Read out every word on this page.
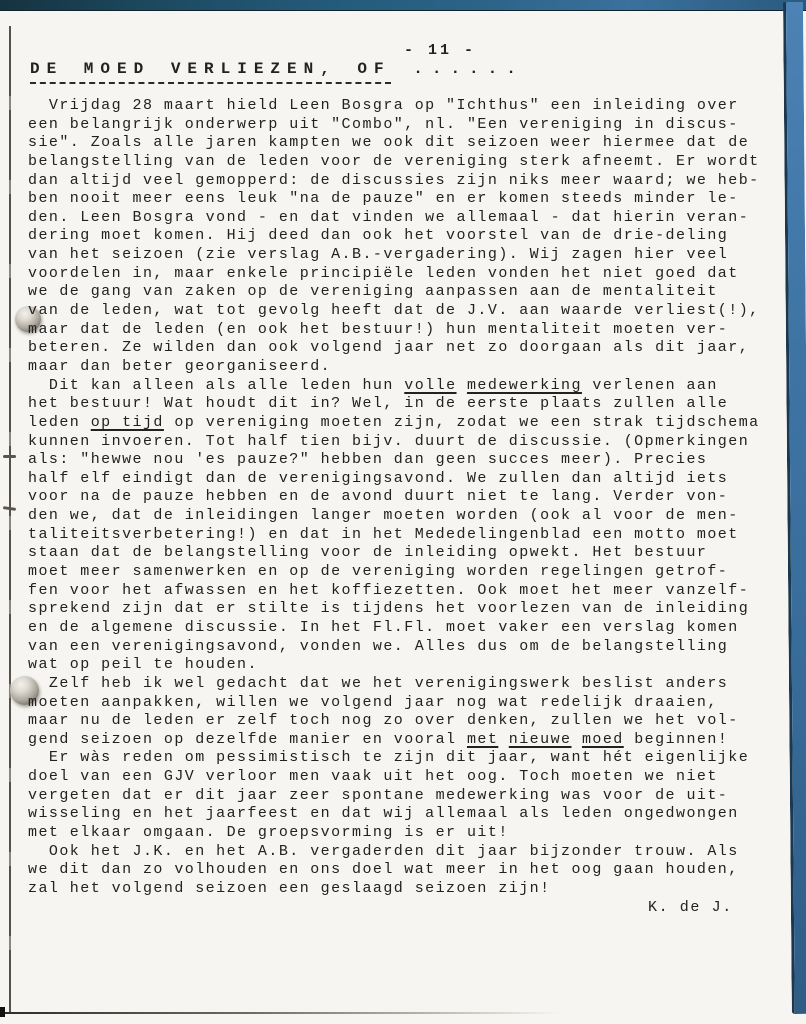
- 11 -
DE MOED VERLIEZEN, OF ......
Vrijdag 28 maart hield Leen Bosgra op "Ichthus" een inleiding over
een belangrijk onderwerp uit "Combo", nl. "Een vereniging in discus-
sie". Zoals alle jaren kampten we ook dit seizoen weer hiermee dat de
belangstelling van de leden voor de vereniging sterk afneemt. Er wordt
dan altijd veel gemopperd: de discussies zijn niks meer waard; we heb-
ben nooit meer eens leuk "na de pauze" en er komen steeds minder le-
den. Leen Bosgra vond - en dat vinden we allemaal - dat hierin veran-
dering moet komen. Hij deed dan ook het voorstel van de drie-deling
van het seizoen (zie verslag A.B.-vergadering). Wij zagen hier veel
voordelen in, maar enkele principiële leden vonden het niet goed dat
we de gang van zaken op de vereniging aanpassen aan de mentaliteit
van de leden, wat tot gevolg heeft dat de J.V. aan waarde verliest(!),
maar dat de leden (en ook het bestuur!) hun mentaliteit moeten ver-
beteren. Ze wilden dan ook volgend jaar net zo doorgaan als dit jaar,
maar dan beter georganiseerd.
Dit kan alleen als alle leden hun volle medewerking verlenen aan
het bestuur! Wat houdt dit in? Wel, in de eerste plaats zullen alle
leden op tijd op vereniging moeten zijn, zodat we een strak tijdschema
kunnen invoeren. Tot half tien bijv. duurt de discussie. (Opmerkingen
als: "hewwe nou 'es pauze?" hebben dan geen succes meer). Precies
half elf eindigt dan de verenigingsavond. We zullen dan altijd iets
voor na de pauze hebben en de avond duurt niet te lang. Verder von-
den we, dat de inleidingen langer moeten worden (ook al voor de men-
taliteitsverbetering!) en dat in het Mededelingenblad een motto moet
staan dat de belangstelling voor de inleiding opwekt. Het bestuur
moet meer samenwerken en op de vereniging worden regelingen getrof-
fen voor het afwassen en het koffiezetten. Ook moet het meer vanzelf-
sprekend zijn dat er stilte is tijdens het voorlezen van de inleiding
en de algemene discussie. In het Fl.Fl. moet vaker een verslag komen
van een verenigingsavond, vonden we. Alles dus om de belangstelling
wat op peil te houden.
Zelf heb ik wel gedacht dat we het verenigingswerk beslist anders
moeten aanpakken, willen we volgend jaar nog wat redelijk draaien,
maar nu de leden er zelf toch nog zo over denken, zullen we het vol-
gend seizoen op dezelfde manier en vooral met nieuwe moed beginnen!
Er wàs reden om pessimistisch te zijn dit jaar, want hét eigenlijke
doel van een GJV verloor men vaak uit het oog. Toch moeten we niet
vergeten dat er dit jaar zeer spontane medewerking was voor de uit-
wisseling en het jaarfeest en dat wij allemaal als leden ongedwongen
met elkaar omgaan. De groepsvorming is er uit!
Ook het J.K. en het A.B. vergaderden dit jaar bijzonder trouw. Als
we dit dan zo volhouden en ons doel wat meer in het oog gaan houden,
zal het volgend seizoen een geslaagd seizoen zijn!
K. de J.
